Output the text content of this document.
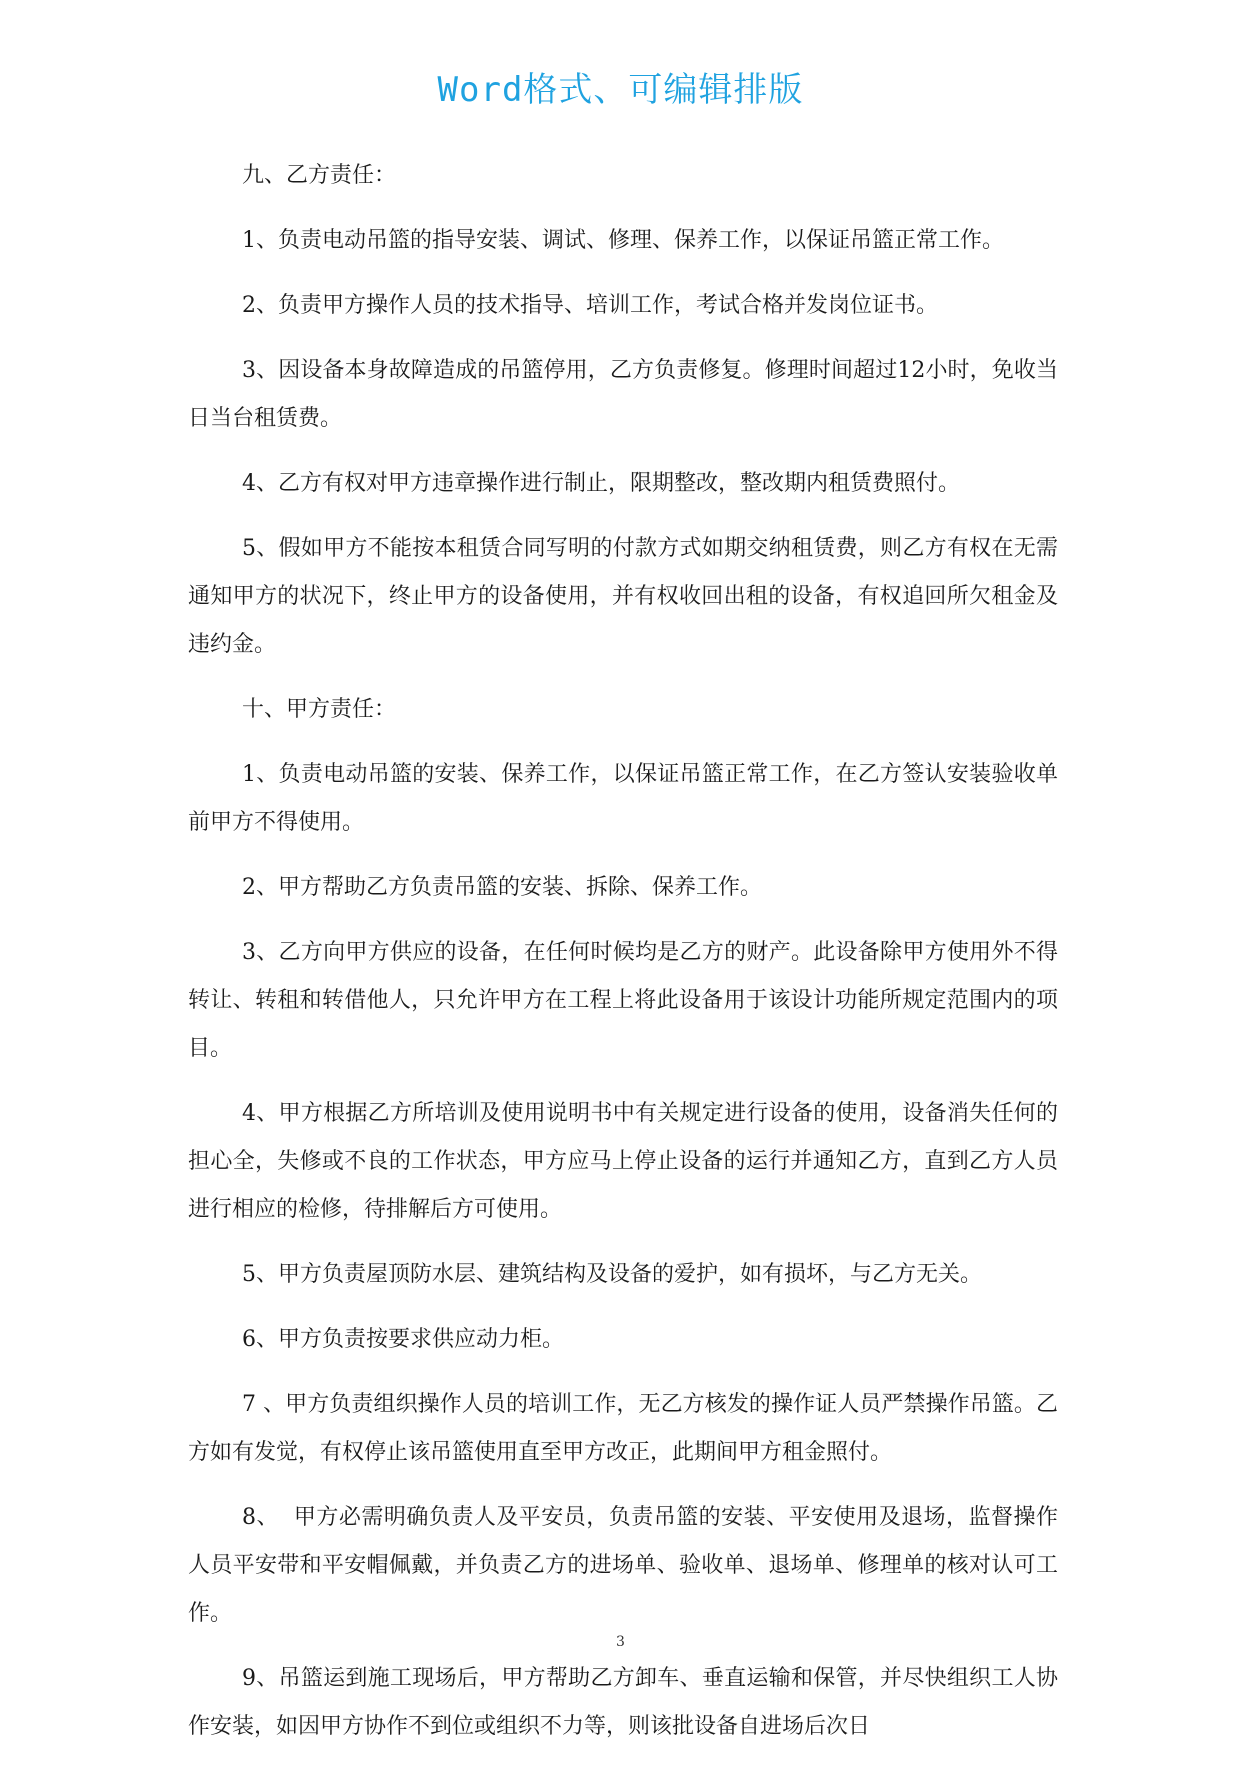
Word格式、可编辑排版

九、乙方责任：

1、负责电动吊篮的指导安装、调试、修理、保养工作，以保证吊篮正常工作。

2、负责甲方操作人员的技术指导、培训工作，考试合格并发岗位证书。

3、因设备本身故障造成的吊篮停用，乙方负责修复。修理时间超过12小时，免收当日当台租赁费。

4、乙方有权对甲方违章操作进行制止，限期整改，整改期内租赁费照付。

5、假如甲方不能按本租赁合同写明的付款方式如期交纳租赁费，则乙方有权在无需通知甲方的状况下，终止甲方的设备使用，并有权收回出租的设备，有权追回所欠租金及违约金。

十、甲方责任：

1、负责电动吊篮的安装、保养工作，以保证吊篮正常工作，在乙方签认安装验收单前甲方不得使用。

2、甲方帮助乙方负责吊篮的安装、拆除、保养工作。

3、乙方向甲方供应的设备，在任何时候均是乙方的财产。此设备除甲方使用外不得转让、转租和转借他人，只允许甲方在工程上将此设备用于该设计功能所规定范围内的项目。

4、甲方根据乙方所培训及使用说明书中有关规定进行设备的使用，设备消失任何的担心全，失修或不良的工作状态，甲方应马上停止设备的运行并通知乙方，直到乙方人员进行相应的检修，待排解后方可使用。

5、甲方负责屋顶防水层、建筑结构及设备的爱护，如有损坏，与乙方无关。

6、甲方负责按要求供应动力柜。

7 、甲方负责组织操作人员的培训工作，无乙方核发的操作证人员严禁操作吊篮。乙方如有发觉，有权停止该吊篮使用直至甲方改正，此期间甲方租金照付。

8、  甲方必需明确负责人及平安员，负责吊篮的安装、平安使用及退场，监督操作人员平安带和平安帽佩戴，并负责乙方的进场单、验收单、退场单、修理单的核对认可工作。

9、吊篮运到施工现场后，甲方帮助乙方卸车、垂直运输和保管，并尽快组织工人协作安装，如因甲方协作不到位或组织不力等，则该批设备自进场后次日

3
